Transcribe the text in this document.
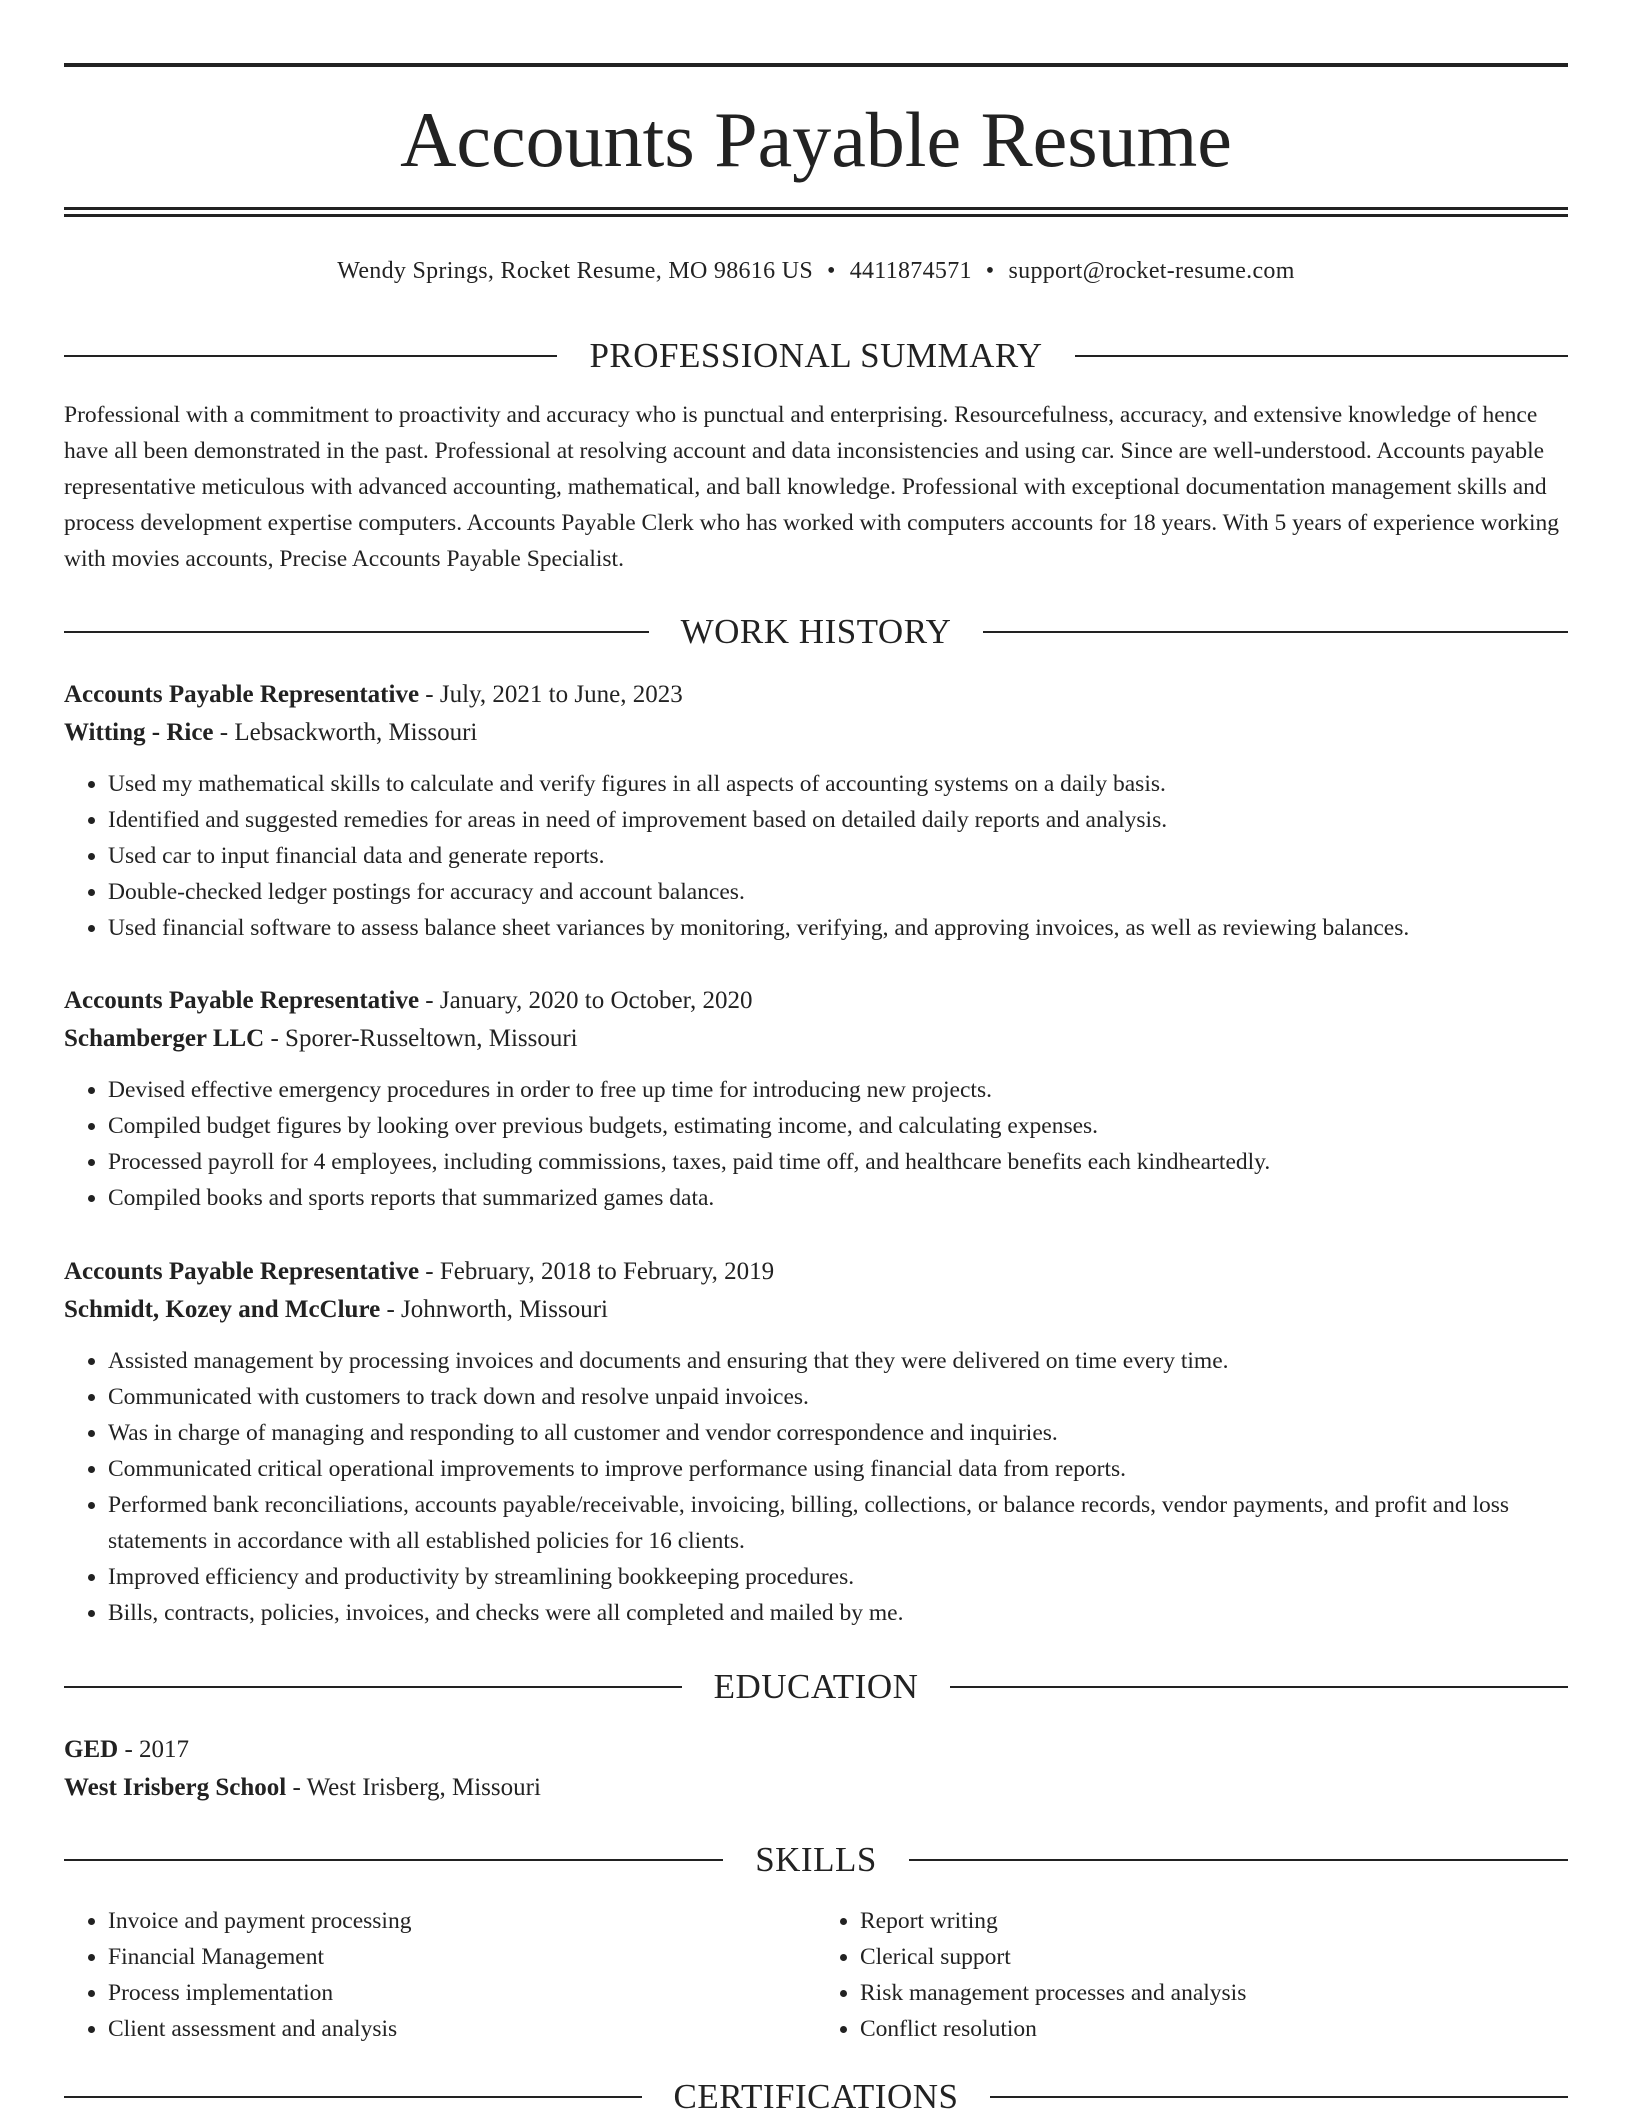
Accounts Payable Resume
Wendy Springs, Rocket Resume, MO 98616 US • 4411874571 • support@rocket-resume.com
PROFESSIONAL SUMMARY

Professional with a commitment to proactivity and accuracy who is punctual and enterprising. Resourcefulness, accuracy, and extensive knowledge of hence have all been demonstrated in the past. Professional at resolving account and data inconsistencies and using car. Since are well-understood. Accounts payable representative meticulous with advanced accounting, mathematical, and ball knowledge. Professional with exceptional documentation management skills and process development expertise computers. Accounts Payable Clerk who has worked with computers accounts for 18 years. With 5 years of experience working with movies accounts, Precise Accounts Payable Specialist.

WORK HISTORY

Accounts Payable Representative - July, 2021 to June, 2023

Witting - Rice - Lebsackworth, Missouri

• Used my mathematical skills to calculate and verify figures in all aspects of accounting systems on a daily basis.
• Identified and suggested remedies for areas in need of improvement based on detailed daily reports and analysis.
• Used car to input financial data and generate reports.
• Double-checked ledger postings for accuracy and account balances.
• Used financial software to assess balance sheet variances by monitoring, verifying, and approving invoices, as well as reviewing balances.

Accounts Payable Representative - January, 2020 to October, 2020

Schamberger LLC - Sporer-Russeltown, Missouri

• Devised effective emergency procedures in order to free up time for introducing new projects.
• Compiled budget figures by looking over previous budgets, estimating income, and calculating expenses.
• Processed payroll for 4 employees, including commissions, taxes, paid time off, and healthcare benefits each kindheartedly.
• Compiled books and sports reports that summarized games data.

Accounts Payable Representative - February, 2018 to February, 2019

Schmidt, Kozey and McClure - Johnworth, Missouri

• Assisted management by processing invoices and documents and ensuring that they were delivered on time every time.
• Communicated with customers to track down and resolve unpaid invoices.
• Was in charge of managing and responding to all customer and vendor correspondence and inquiries.
• Communicated critical operational improvements to improve performance using financial data from reports.
• Performed bank reconciliations, accounts payable/receivable, invoicing, billing, collections, or balance records, vendor payments, and profit and loss statements in accordance with all established policies for 16 clients.
• Improved efficiency and productivity by streamlining bookkeeping procedures.
• Bills, contracts, policies, invoices, and checks were all completed and mailed by me.
EDUCATION

GED - 2017

West Irisberg School - West Irisberg, Missouri

SKILLS
• Invoice and payment processing
• Financial Management
• Process implementation
• Client assessment and analysis
• Report writing
• Clerical support
• Risk management processes and analysis
• Conflict resolution
CERTIFICATIONS
